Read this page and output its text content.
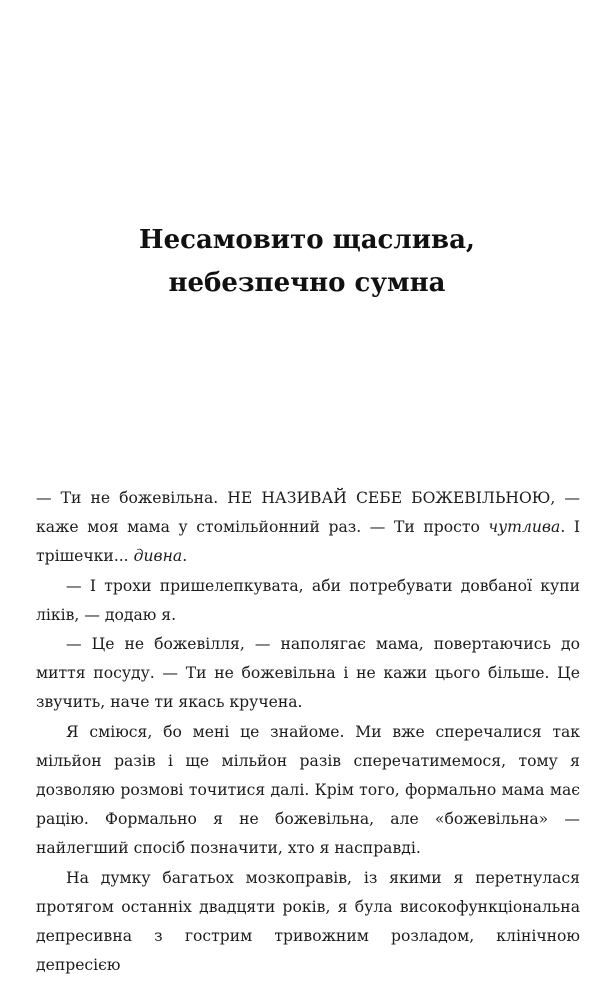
Несамовито щаслива,
небезпечно сумна

— Ти не божевільна. НЕ НАЗИВАЙ СЕБЕ БОЖЕВІЛЬНОЮ, — каже моя мама у стомільйонний раз. — Ти просто чутлива. І трішечки... дивна.

— І трохи пришелепкувата, аби потребувати довбаної купи ліків, — додаю я.

— Це не божевілля, — наполягає мама, повертаючись до миття посуду. — Ти не божевільна і не кажи цього більше. Це звучить, наче ти якась кручена.

Я сміюся, бо мені це знайоме. Ми вже сперечалися так мільйон разів і ще мільйон разів сперечатимемося, тому я дозволяю розмові точитися далі. Крім того, формально мама має рацію. Формально я не божевільна, але «божевільна» — найлегший спосіб позначити, хто я насправді.

На думку багатьох мозкоправів, із якими я перетнулася протягом останніх двадцяти років, я була високофункціональна депресивна з гострим тривожним розладом, клінічною депресією
